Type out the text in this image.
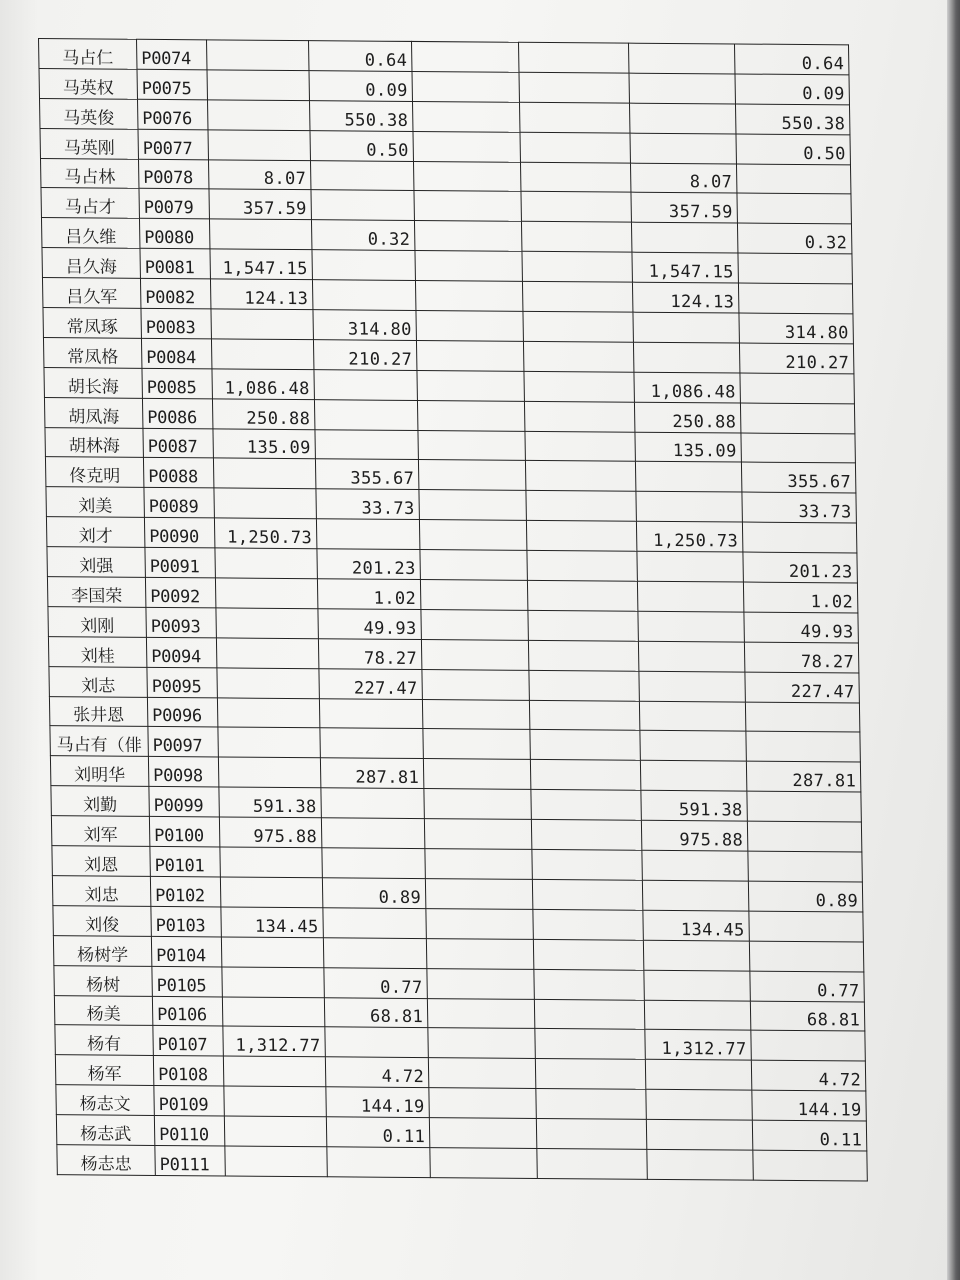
马占仁	P0074		0.64				0.64
马英权	P0075		0.09				0.09
马英俊	P0076		550.38				550.38
马英刚	P0077		0.50				0.50
马占林	P0078	8.07				8.07	
马占才	P0079	357.59				357.59	
吕久维	P0080		0.32				0.32
吕久海	P0081	1,547.15				1,547.15	
吕久军	P0082	124.13				124.13	
常凤琢	P0083		314.80				314.80
常凤格	P0084		210.27				210.27
胡长海	P0085	1,086.48				1,086.48	
胡凤海	P0086	250.88				250.88	
胡林海	P0087	135.09				135.09	
佟克明	P0088		355.67				355.67
刘美	P0089		33.73				33.73
刘才	P0090	1,250.73				1,250.73	
刘强	P0091		201.23				201.23
李国荣	P0092		1.02				1.02
刘刚	P0093		49.93				49.93
刘桂	P0094		78.27				78.27
刘志	P0095		227.47				227.47
张井恩	P0096						
马占有（俳	P0097						
刘明华	P0098		287.81				287.81
刘勤	P0099	591.38				591.38	
刘军	P0100	975.88				975.88	
刘恩	P0101						
刘忠	P0102		0.89				0.89
刘俊	P0103	134.45				134.45	
杨树学	P0104						
杨树	P0105		0.77				0.77
杨美	P0106		68.81				68.81
杨有	P0107	1,312.77				1,312.77	
杨军	P0108		4.72				4.72
杨志文	P0109		144.19				144.19
杨志武	P0110		0.11				0.11
杨志忠	P0111						
